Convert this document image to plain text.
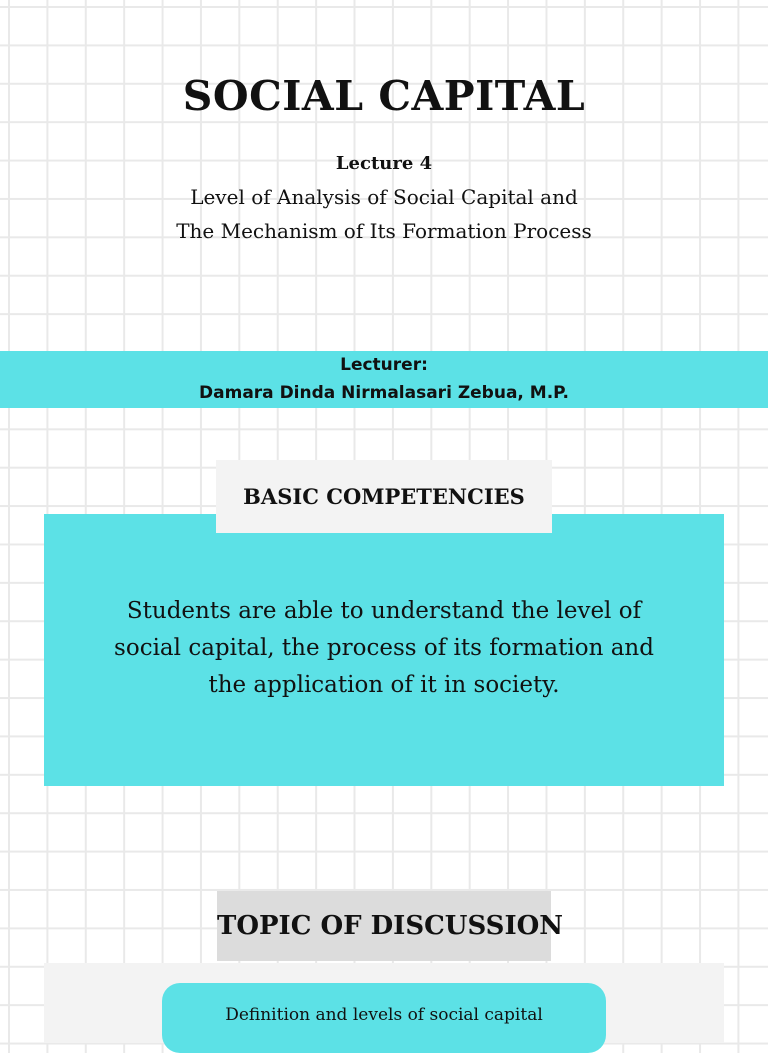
SOCIAL CAPITAL
Lecture 4
Level of Analysis of Social Capital and
The Mechanism of Its Formation Process
Lecturer:
Damara Dinda Nirmalasari Zebua, M.P.
Students are able to understand the level of
social capital, the process of its formation and
the application of it in society.
BASIC COMPETENCIES
TOPIC OF DISCUSSION
Definition and levels of social capital
